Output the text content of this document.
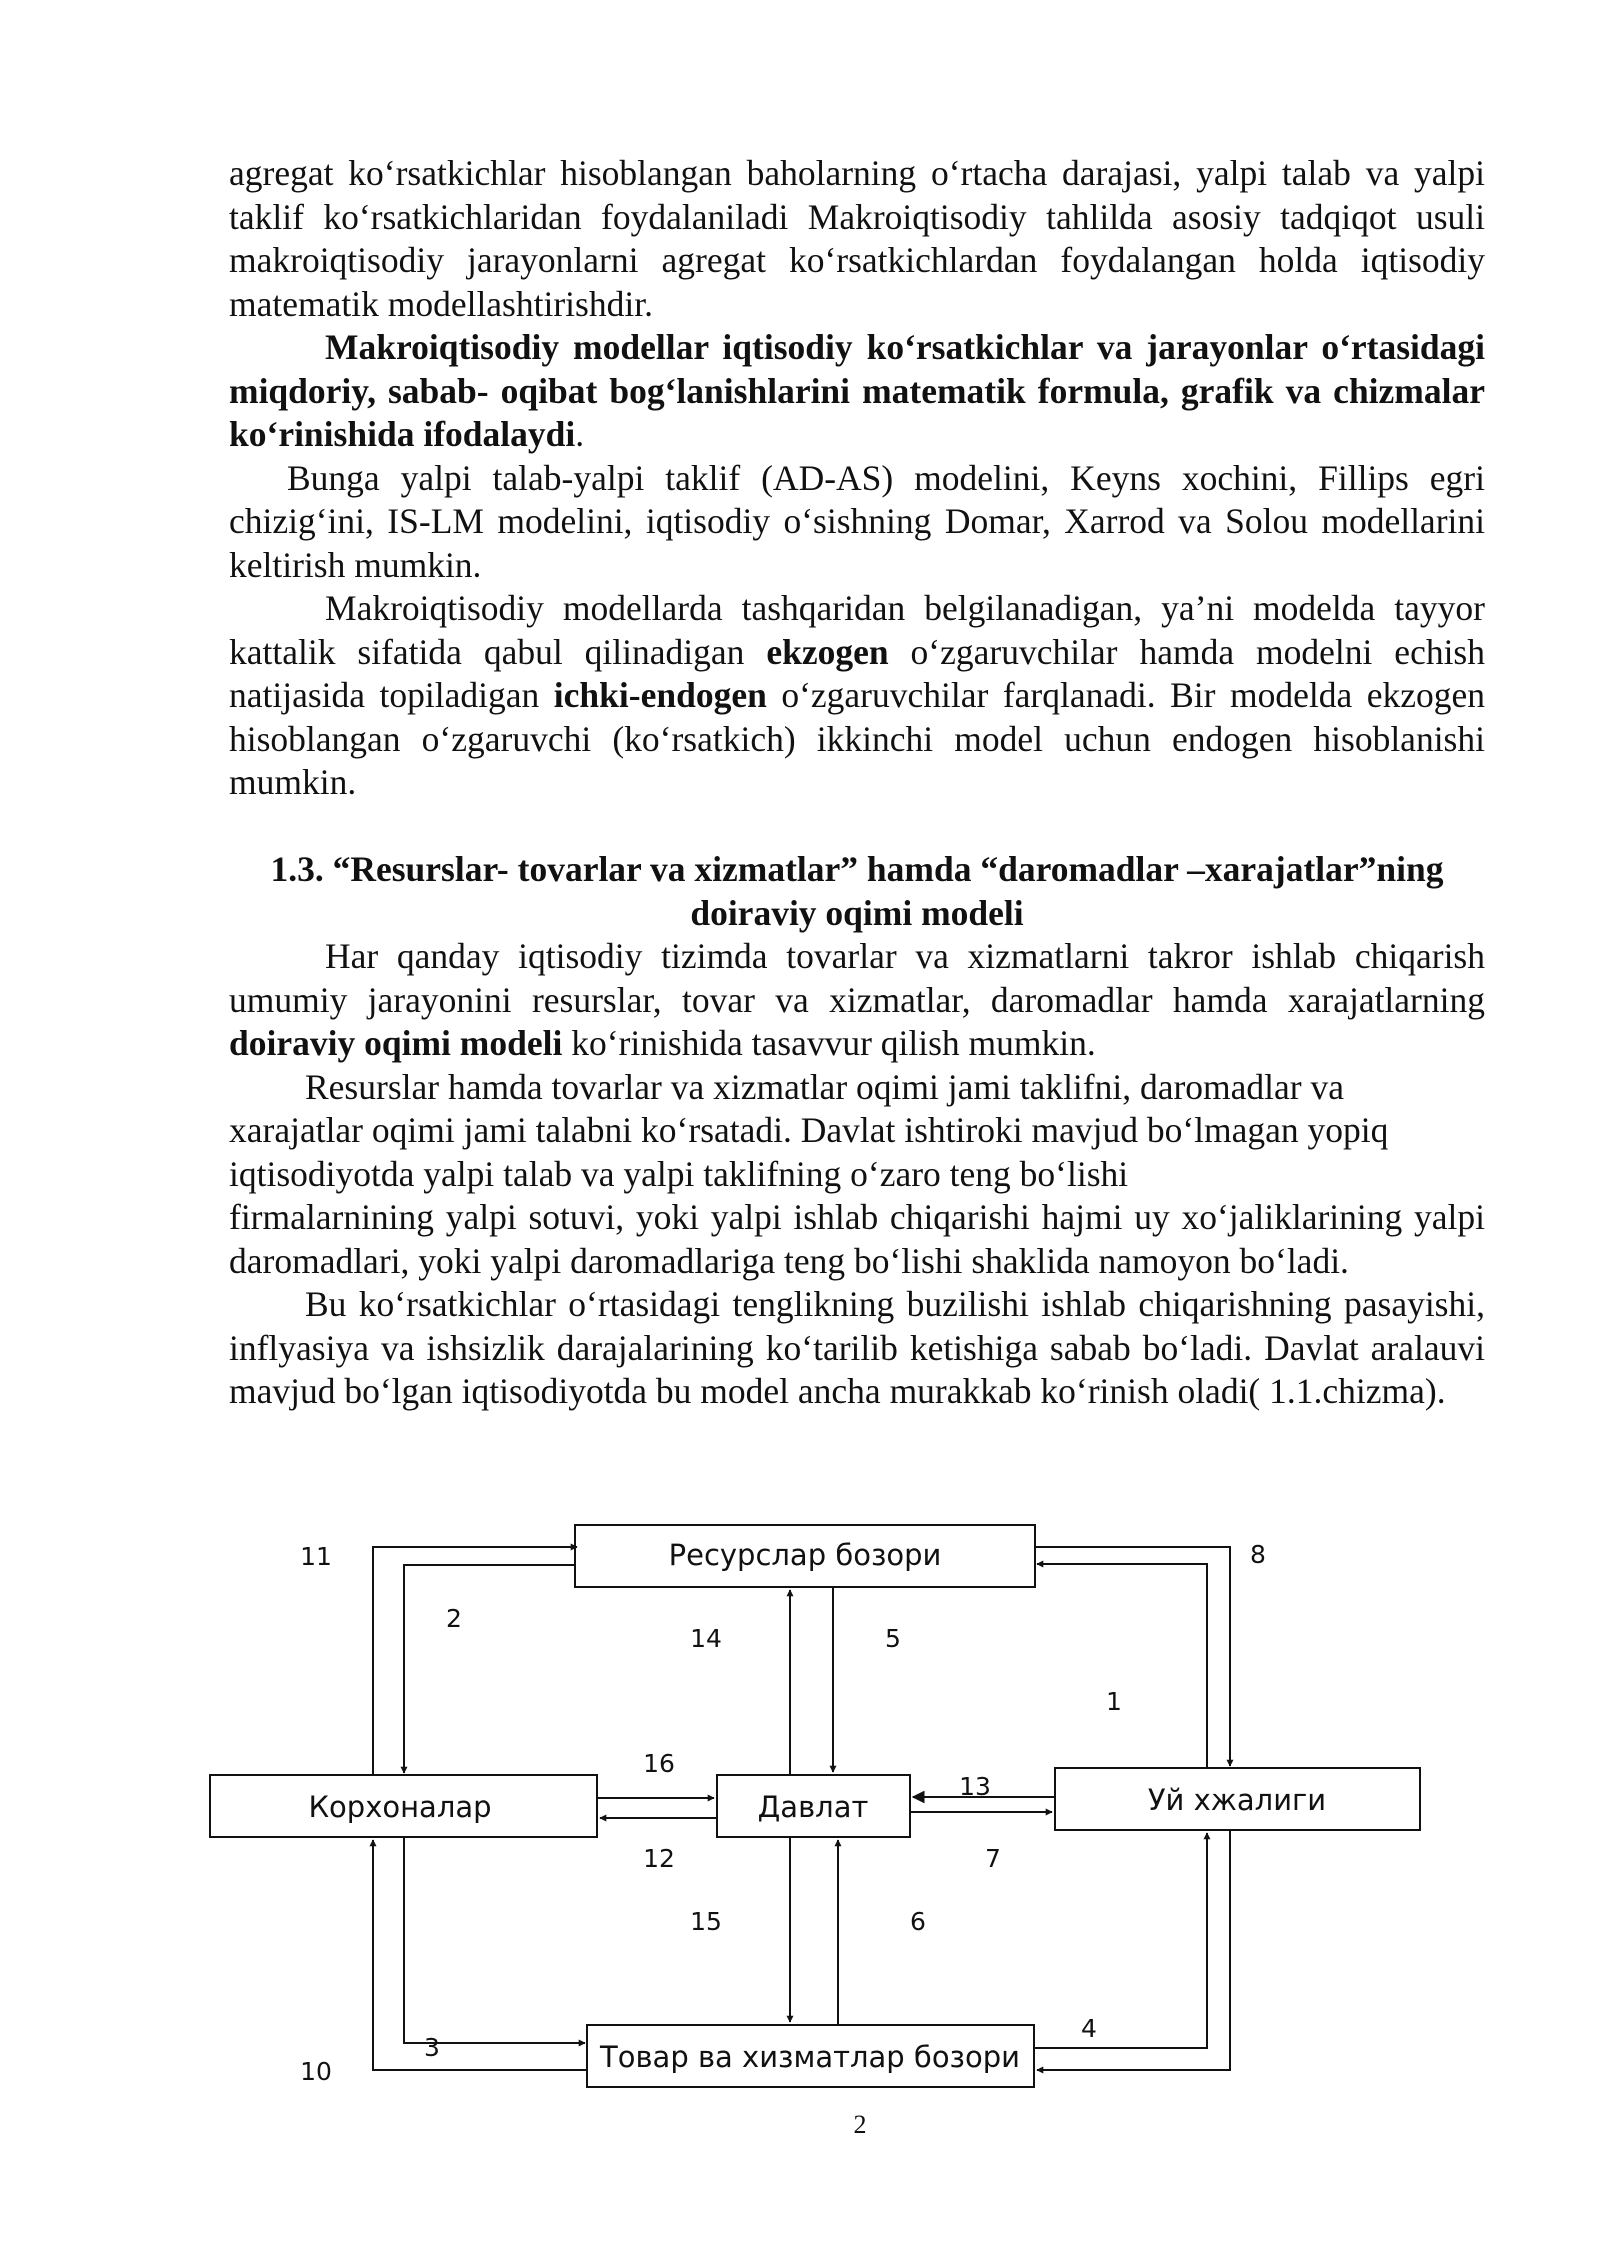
agregat ko‘rsatkichlar hisoblangan baholarning o‘rtacha darajasi, yalpi talab va yalpi taklif ko‘rsatkichlaridan foydalaniladi Makroiqtisodiy tahlilda asosiy tadqiqot usuli makroiqtisodiy jarayonlarni agregat ko‘rsatkichlardan foydalangan holda iqtisodiy matematik modellashtirishdir.

Makroiqtisodiy modellar iqtisodiy ko‘rsatkichlar va jarayonlar o‘rtasidagi miqdoriy, sabab- oqibat bog‘lanishlarini matematik formula, grafik va chizmalar ko‘rinishida ifodalaydi.

Bunga yalpi talab-yalpi taklif (AD-AS) modelini, Keyns xochini, Fillips egri chizig‘ini, IS-LM modelini, iqtisodiy o‘sishning Domar, Xarrod va Solou modellarini keltirish mumkin.

Makroiqtisodiy modellarda tashqaridan belgilanadigan, ya’ni modelda tayyor kattalik sifatida qabul qilinadigan ekzogen o‘zgaruvchilar hamda modelni echish natijasida topiladigan ichki-endogen o‘zgaruvchilar farqlanadi. Bir modelda ekzogen hisoblangan o‘zgaruvchi (ko‘rsatkich) ikkinchi model uchun endogen hisoblanishi mumkin.

1.3. “Resurslar- tovarlar va xizmatlar” hamda “daromadlar –xarajatlar”ning doiraviy oqimi modeli

Har qanday iqtisodiy tizimda tovarlar va xizmatlarni takror ishlab chiqarish umumiy jarayonini resurslar, tovar va xizmatlar, daromadlar hamda xarajatlarning doiraviy oqimi modeli ko‘rinishida tasavvur qilish mumkin.

Resurslar hamda tovarlar va xizmatlar oqimi jami taklifni, daromadlar va xarajatlar oqimi jami talabni ko‘rsatadi. Davlat ishtiroki mavjud bo‘lmagan yopiq iqtisodiyotda yalpi talab va yalpi taklifning o‘zaro teng bo‘lishi

firmalarnining yalpi sotuvi, yoki yalpi ishlab chiqarishi hajmi uy xo‘jaliklarining yalpi daromadlari, yoki yalpi daromadlariga teng bo‘lishi shaklida namoyon bo‘ladi.

Bu ko‘rsatkichlar o‘rtasidagi tenglikning buzilishi ishlab chiqarishning pasayishi, inflyasiya va ishsizlik darajalarining ko‘tarilib ketishiga sabab bo‘ladi. Davlat aralauvi mavjud bo‘lgan iqtisodiyotda bu model ancha murakkab ko‘rinish oladi( 1.1.chizma).

Ресурслар бозори
Корхоналар	Давлат	Уй хжалиги
Товар ва хизматлар бозори
11
2
14	5
8
1
16
13
12	7
15	6
4
3
10
2
